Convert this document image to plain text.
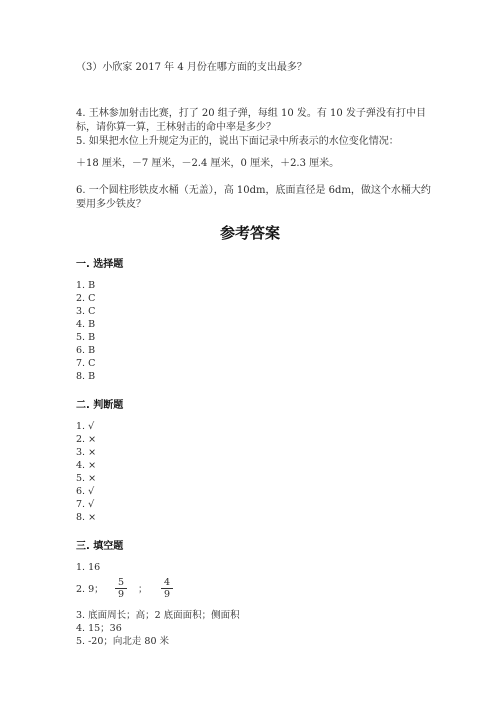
（3）小欣家 2017 年 4 月份在哪方面的支出最多？
4. 王林参加射击比赛，打了 20 组子弹，每组 10 发。有 10 发子弹没有打中目
标，请你算一算，王林射击的命中率是多少？
5. 如果把水位上升规定为正的，说出下面记录中所表示的水位变化情况：
＋18 厘米，－7 厘米，－2.4 厘米，0 厘米，＋2.3 厘米。
6. 一个圆柱形铁皮水桶（无盖），高 10dm，底面直径是 6dm，做这个水桶大约
要用多少铁皮？
参考答案
一. 选择题
1. B
2. C
3. C
4. B
5. B
6. B
7. C
8. B
二. 判断题
1. √
2. ×
3. ×
4. ×
5. ×
6. √
7. √
8. ×
三. 填空题
1. 16
2. 9；
5
9	；
4
9
3. 底面周长；高；2 底面面积；侧面积
4. 15；36
5. -20；向北走 80 米
